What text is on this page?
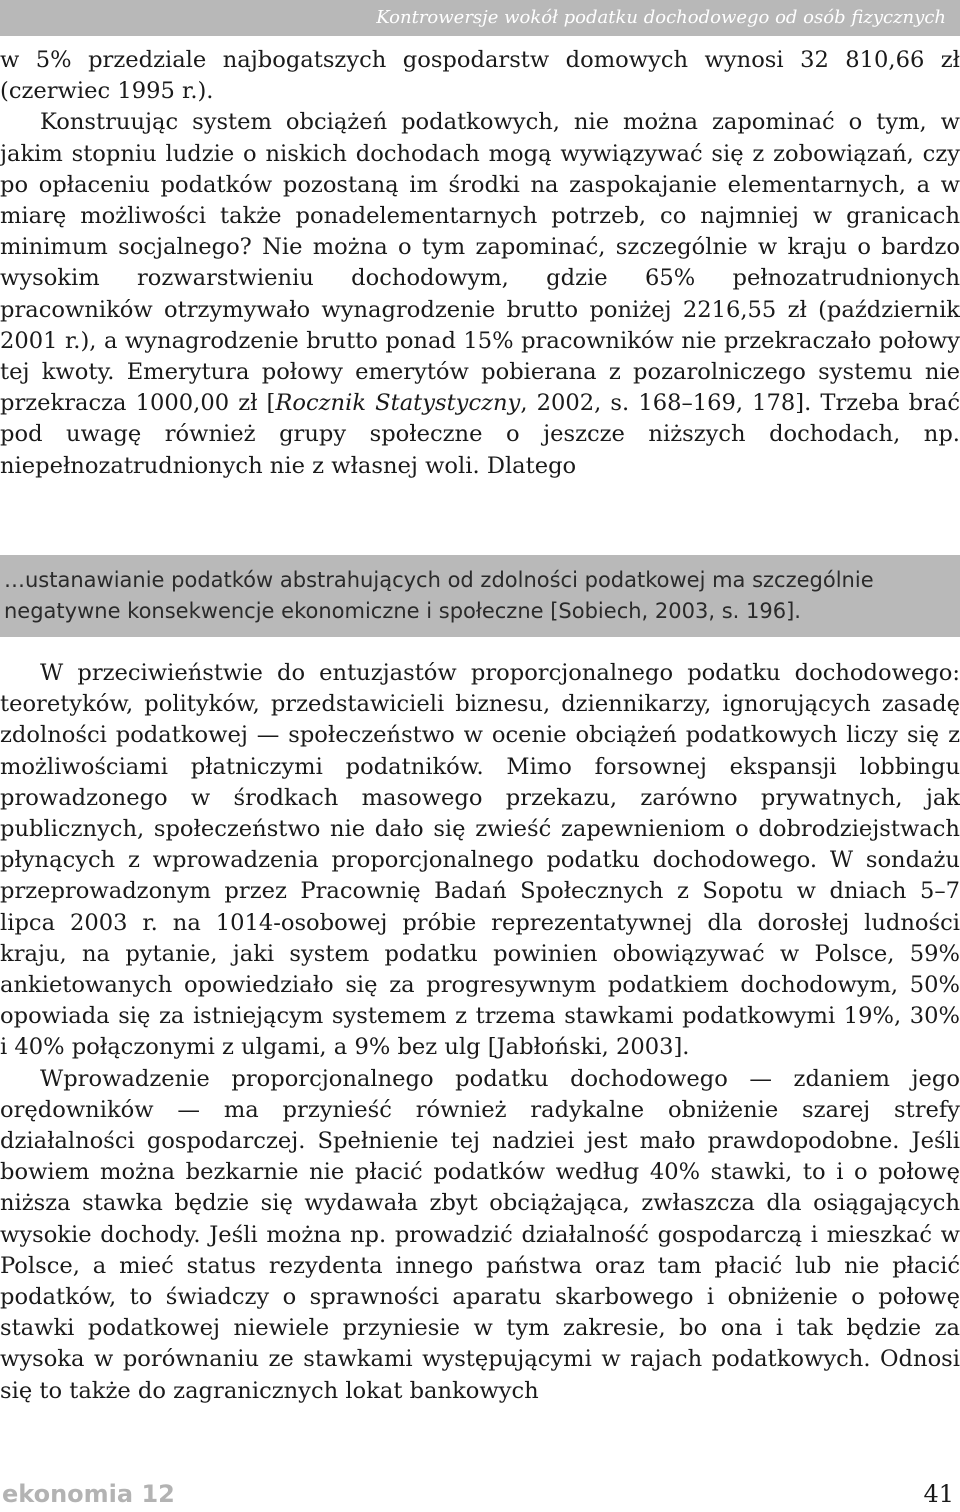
Kontrowersje wokół podatku dochodowego od osób fizycznych

w 5% przedziale najbogatszych gospodarstw domowych wynosi 32 810,66 zł (czerwiec 1995 r.).

Konstruując system obciążeń podatkowych, nie można zapominać o tym, w jakim stopniu ludzie o niskich dochodach mogą wywiązywać się z zobowiązań, czy po opłaceniu podatków pozostaną im środki na zaspokajanie elementarnych, a w miarę możliwości także ponadelementarnych potrzeb, co najmniej w granicach minimum socjalnego? Nie można o tym zapominać, szczególnie w kraju o bardzo wysokim rozwarstwieniu dochodowym, gdzie 65% pełnozatrudnionych pracowników otrzymywało wynagrodzenie brutto poniżej 2216,55 zł (październik 2001 r.), a wynagrodzenie brutto ponad 15% pracowników nie przekraczało połowy tej kwoty. Emerytura połowy emerytów pobierana z pozarolniczego systemu nie przekracza 1000,00 zł [Rocznik Statystyczny, 2002, s. 168–169, 178]. Trzeba brać pod uwagę również grupy społeczne o jeszcze niższych dochodach, np. niepełnozatrudnionych nie z własnej woli. Dlatego

…ustanawianie podatków abstrahujących od zdolności podatkowej ma szczególnie negatywne konsekwencje ekonomiczne i społeczne [Sobiech, 2003, s. 196].

W przeciwieństwie do entuzjastów proporcjonalnego podatku dochodowego: teoretyków, polityków, przedstawicieli biznesu, dziennikarzy, ignorujących zasadę zdolności podatkowej — społeczeństwo w ocenie obciążeń podatkowych liczy się z możliwościami płatniczymi podatników. Mimo forsownej ekspansji lobbingu prowadzonego w środkach masowego przekazu, zarówno prywatnych, jak publicznych, społeczeństwo nie dało się zwieść zapewnieniom o dobrodziejstwach płynących z wprowadzenia proporcjonalnego podatku dochodowego. W sondażu przeprowadzonym przez Pracownię Badań Społecznych z Sopotu w dniach 5–7 lipca 2003 r. na 1014-osobowej próbie reprezentatywnej dla dorosłej ludności kraju, na pytanie, jaki system podatku powinien obowiązywać w Polsce, 59% ankietowanych opowiedziało się za progresywnym podatkiem dochodowym, 50% opowiada się za istniejącym systemem z trzema stawkami podatkowymi 19%, 30% i 40% połączonymi z ulgami, a 9% bez ulg [Jabłoński, 2003].

Wprowadzenie proporcjonalnego podatku dochodowego — zdaniem jego orędowników — ma przynieść również radykalne obniżenie szarej strefy działalności gospodarczej. Spełnienie tej nadziei jest mało prawdopodobne. Jeśli bowiem można bezkarnie nie płacić podatków według 40% stawki, to i o połowę niższa stawka będzie się wydawała zbyt obciążająca, zwłaszcza dla osiągających wysokie dochody. Jeśli można np. prowadzić działalność gospodarczą i mieszkać w Polsce, a mieć status rezydenta innego państwa oraz tam płacić lub nie płacić podatków, to świadczy o sprawności aparatu skarbowego i obniżenie o połowę stawki podatkowej niewiele przyniesie w tym zakresie, bo ona i tak będzie za wysoka w porównaniu ze stawkami występującymi w rajach podatkowych. Odnosi się to także do zagranicznych lokat bankowych

ekonomia 12	41
